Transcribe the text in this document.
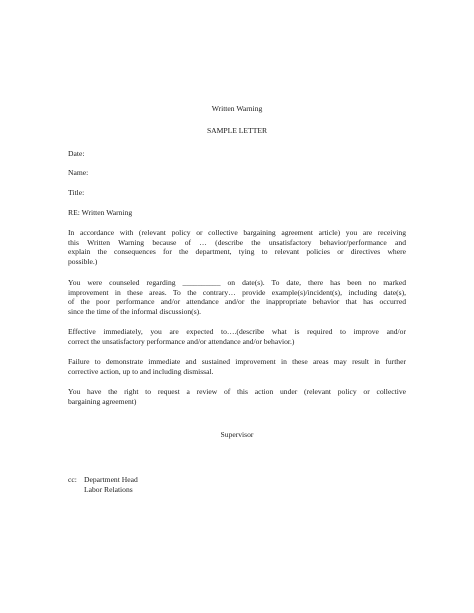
Written Warning
SAMPLE LETTER
Date:
Name:
Title:
RE: Written Warning
In accordance with (relevant policy or collective bargaining agreement article) you are receiving
this Written Warning because of … (describe the unsatisfactory behavior/performance and
explain the consequences for the department, tying to relevant policies or directives where
possible.)
You were counseled regarding __________ on date(s). To date, there has been no marked
improvement in these areas. To the contrary… provide example(s)/incident(s), including date(s),
of the poor performance and/or attendance and/or the inappropriate behavior that has occurred
since the time of the informal discussion(s).
Effective immediately, you are expected to….(describe what is required to improve and/or
correct the unsatisfactory performance and/or attendance and/or behavior.)
Failure to demonstrate immediate and sustained improvement in these areas may result in further
corrective action, up to and including dismissal.
You have the right to request a review of this action under (relevant policy or collective
bargaining agreement)
Supervisor
cc: Department Head
Labor Relations
